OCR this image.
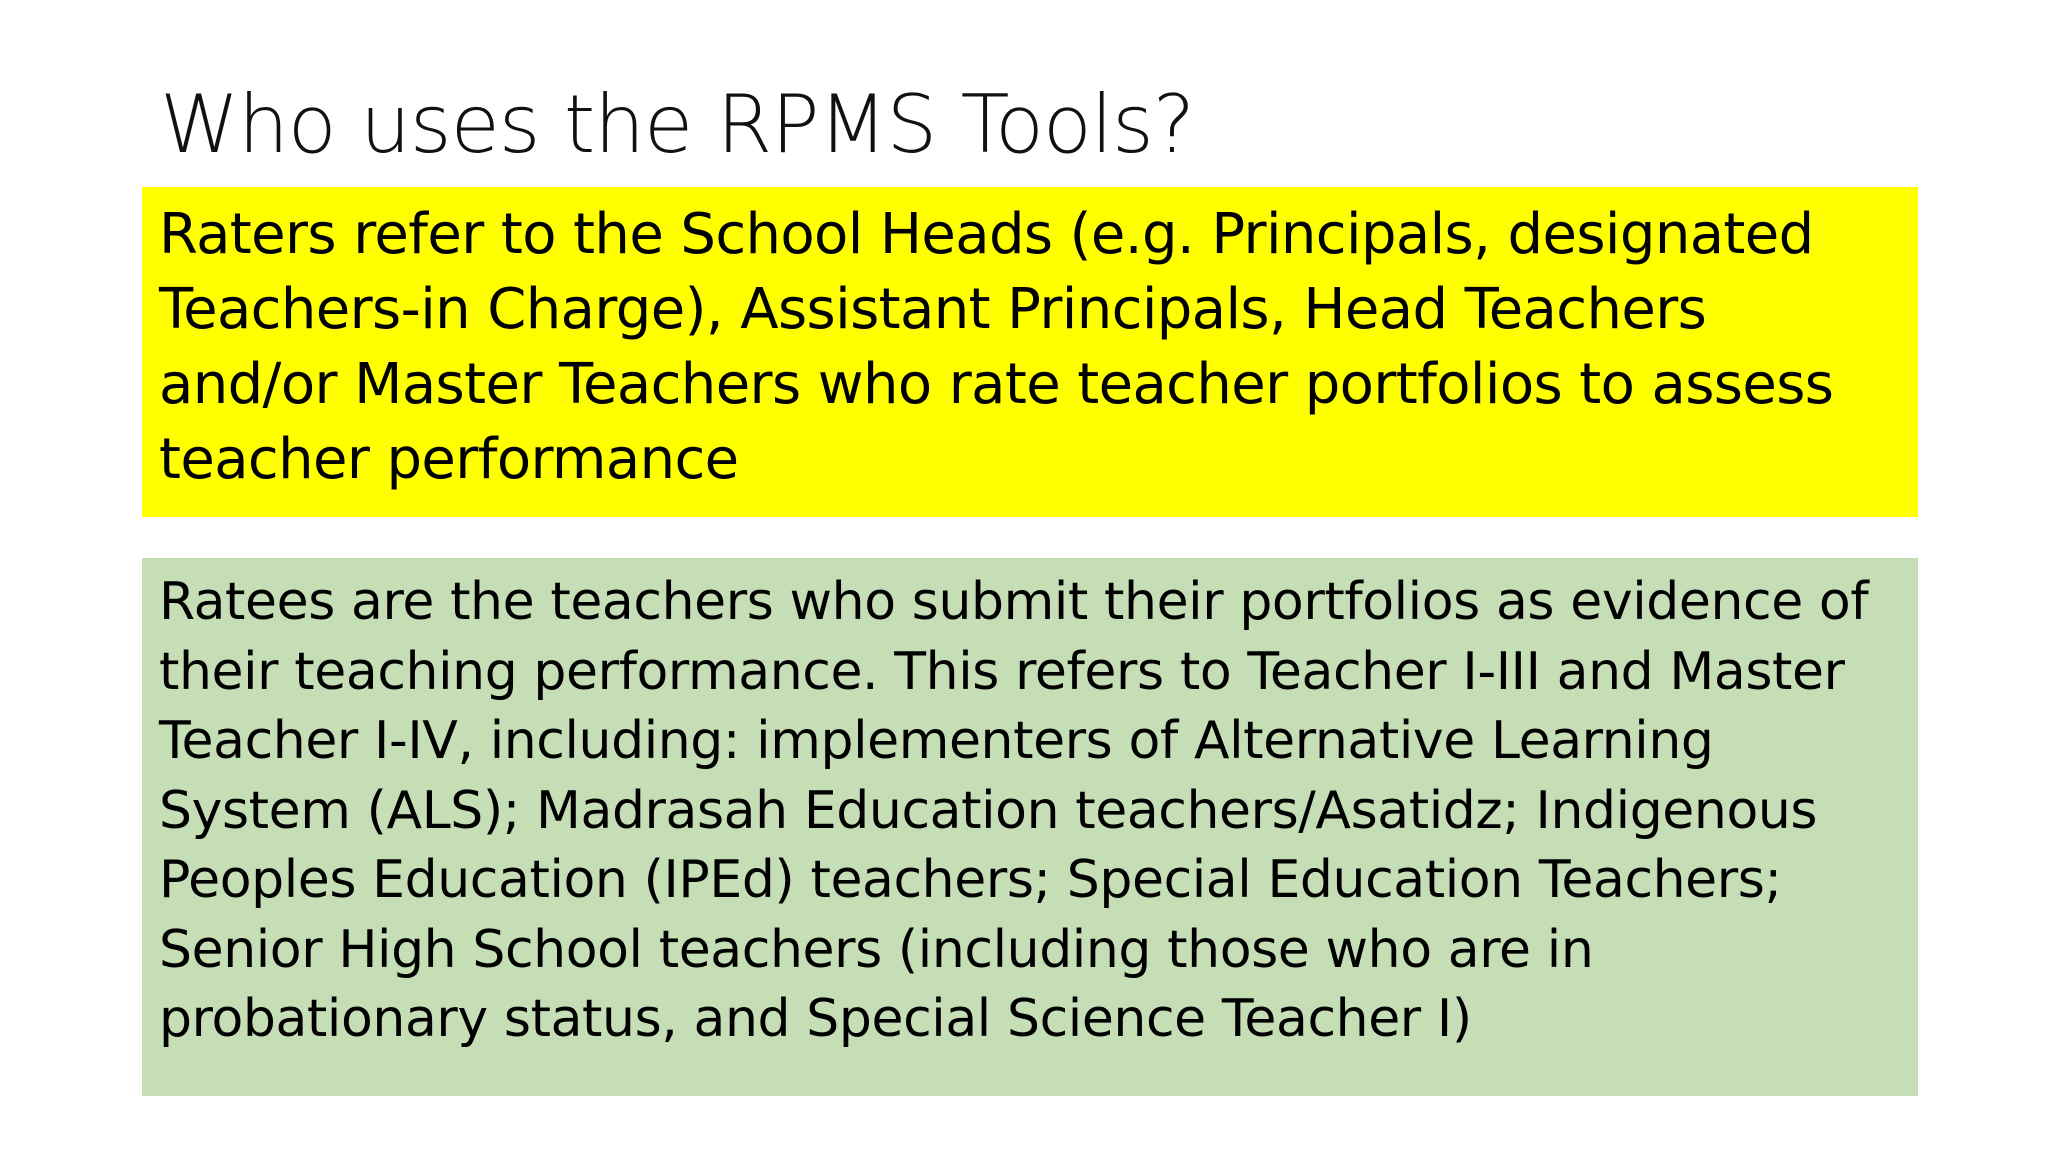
Who uses the RPMS Tools?

Raters refer to the School Heads (e.g. Principals, designated Teachers-in Charge), Assistant Principals, Head Teachers and/or Master Teachers who rate teacher portfolios to assess teacher performance

Ratees are the teachers who submit their portfolios as evidence of their teaching performance. This refers to Teacher I-III and Master Teacher I-IV, including: implementers of Alternative Learning System (ALS); Madrasah Education teachers/Asatidz; Indigenous Peoples Education (IPEd) teachers; Special Education Teachers; Senior High School teachers (including those who are in probationary status, and Special Science Teacher I)
